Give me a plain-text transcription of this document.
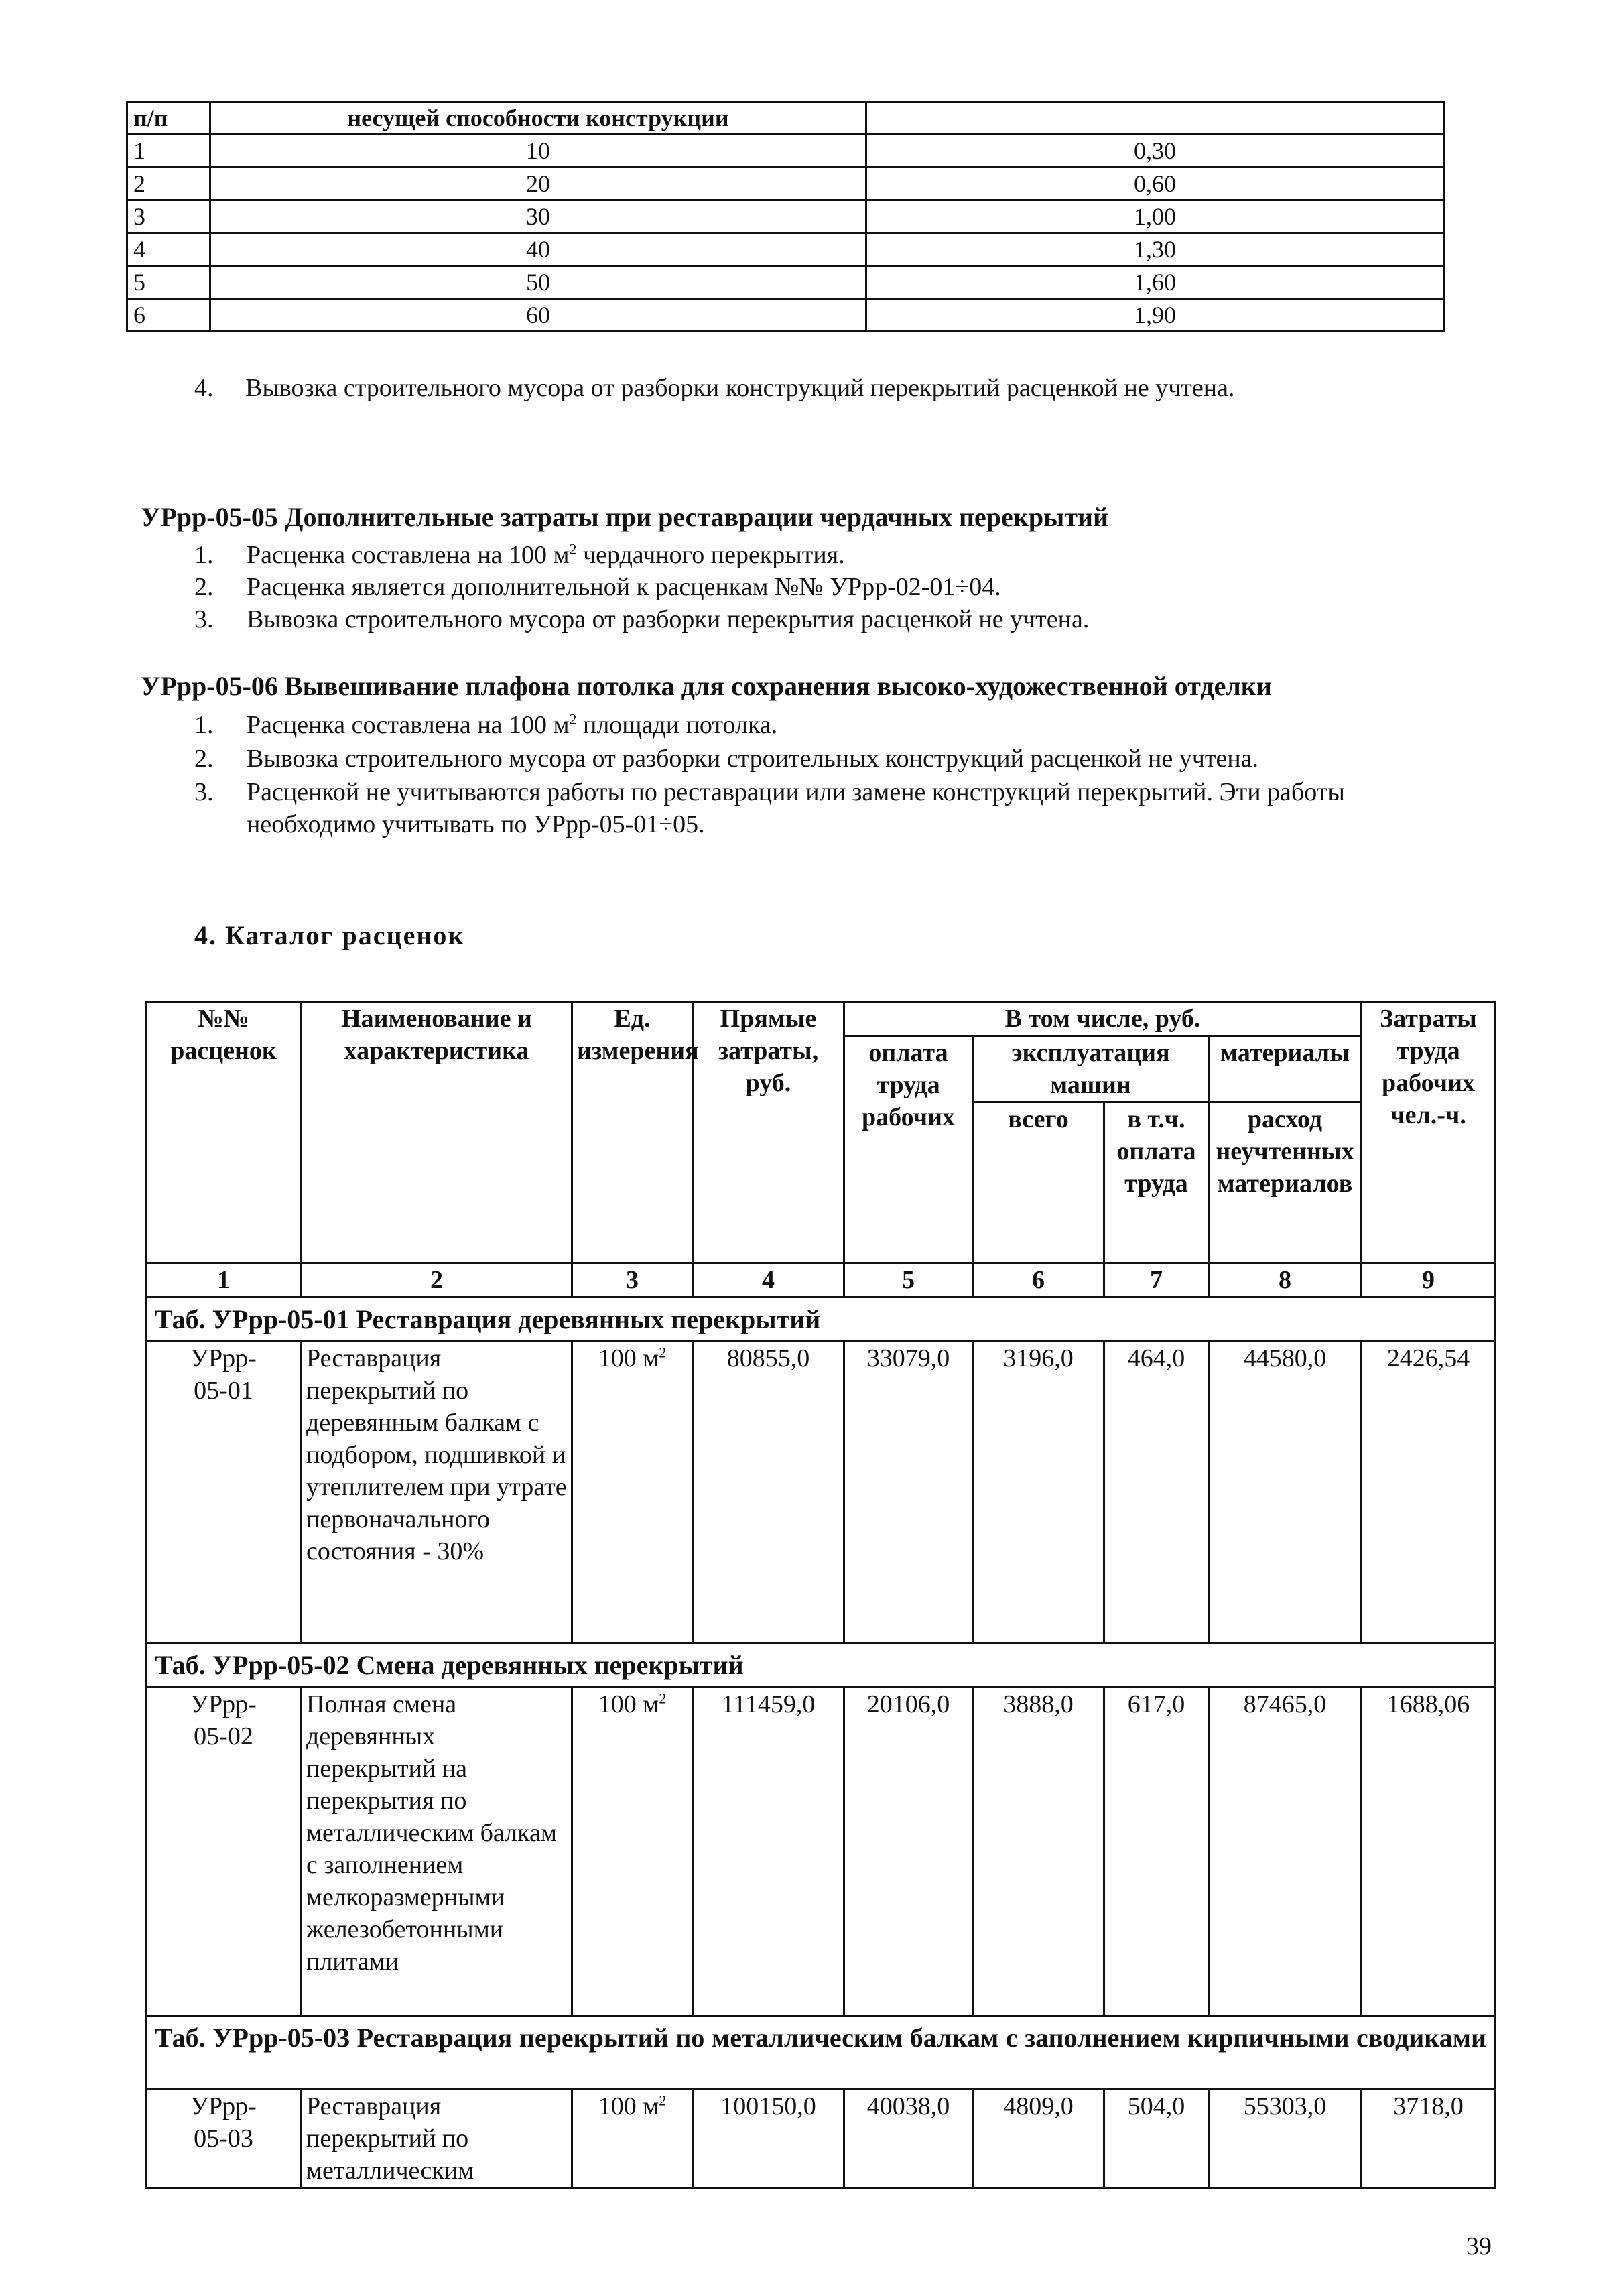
п/п	несущей способности конструкции	
1	10	0,30
2	20	0,60
3	30	1,00
4	40	1,30
5	50	1,60
6	60	1,90
4. Вывозка строительного мусора от разборки конструкций перекрытий расценкой не учтена.
УРрр-05-05 Дополнительные затраты при реставрации чердачных перекрытий
1. Расценка составлена на 100 $м^2$ чердачного перекрытия.
2. Расценка является дополнительной к расценкам №№ УРрр-02-01÷04.
3. Вывозка строительного мусора от разборки перекрытия расценкой не учтена.
УРрр-05-06 Вывешивание плафона потолка для сохранения высоко-художественной отделки
1. Расценка составлена на 100 $м^2$ площади потолка.
2. Вывозка строительного мусора от разборки строительных конструкций расценкой не учтена.
3. Расценкой не учитываются работы по реставрации или замене конструкций перекрытий. Эти работы
необходимо учитывать по УРрр-05-01÷05.
4. Каталог расценок
№№ расценок	Наименование и характеристика	Ед. измерения	Прямые затраты, руб.	В том числе, руб.				Затраты труда рабочих чел.-ч.
				оплата труда рабочих	эксплуатация машин		материалы	
					всего	в т.ч. оплата труда	расход неучтенных материалов	
1	2	3	4	5	6	7	8	9
Таб. УРрр-05-01 Реставрация деревянных перекрытий								

УРрр-
05-01	Реставрация перекрытий по деревянным балкам с подбором, подшивкой и утеплителем при утрате первоначального состояния - 30%	100 $м^2$	80855,0	33079,0	3196,0	464,0	44580,0	2426,54
Таб. УРрр-05-02 Смена деревянных перекрытий								

УРрр-
05-02	Полная смена деревянных перекрытий на перекрытия по металлическим балкам с заполнением мелкоразмерными железобетонными плитами	100 $м^2$	111459,0	20106,0	3888,0	617,0	87465,0	1688,06
Таб. УРрр-05-03 Реставрация перекрытий по металлическим балкам с заполнением кирпичными сводиками								

УРрр-
05-03	Реставрация перекрытий по металлическим	100 $м^2$	100150,0	40038,0	4809,0	504,0	55303,0	3718,0
39
